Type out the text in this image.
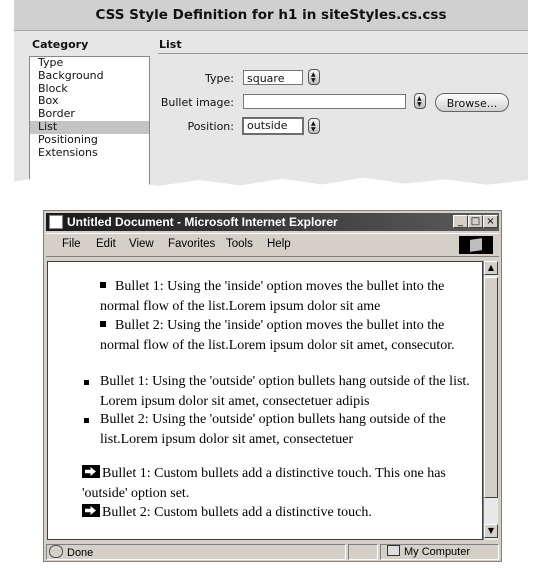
CSS Style Definition for h1 in siteStyles.cs.css
Category	List
Type
Background
Block
Box
Border
List
Positioning
Extensions
Type:	square	▲
▼
Bullet image:	▲
▼	Browse...
Position:	outside	▲
▼
Untitled Document - Microsoft Internet Explorer	_ □ ×
File Edit View Favorites Tools Help
Bullet 1: Using the 'inside' option moves the bullet into the normal flow of the list.Lorem ipsum dolor sit ame
Bullet 2: Using the 'inside' option moves the bullet into the normal flow of the list.Lorem ipsum dolor sit amet, consecutor.
Bullet 1: Using the 'outside' option bullets hang outside of the list. Lorem ipsum dolor sit amet, consectetuer adipis
Bullet 2: Using the 'outside' option bullets hang outside of the list.Lorem ipsum dolor sit amet, consectetuer
Bullet 1: Custom bullets add a distinctive touch. This one has 'outside' option set.
Bullet 2: Custom bullets add a distinctive touch.
▲
▼
Done	My Computer
